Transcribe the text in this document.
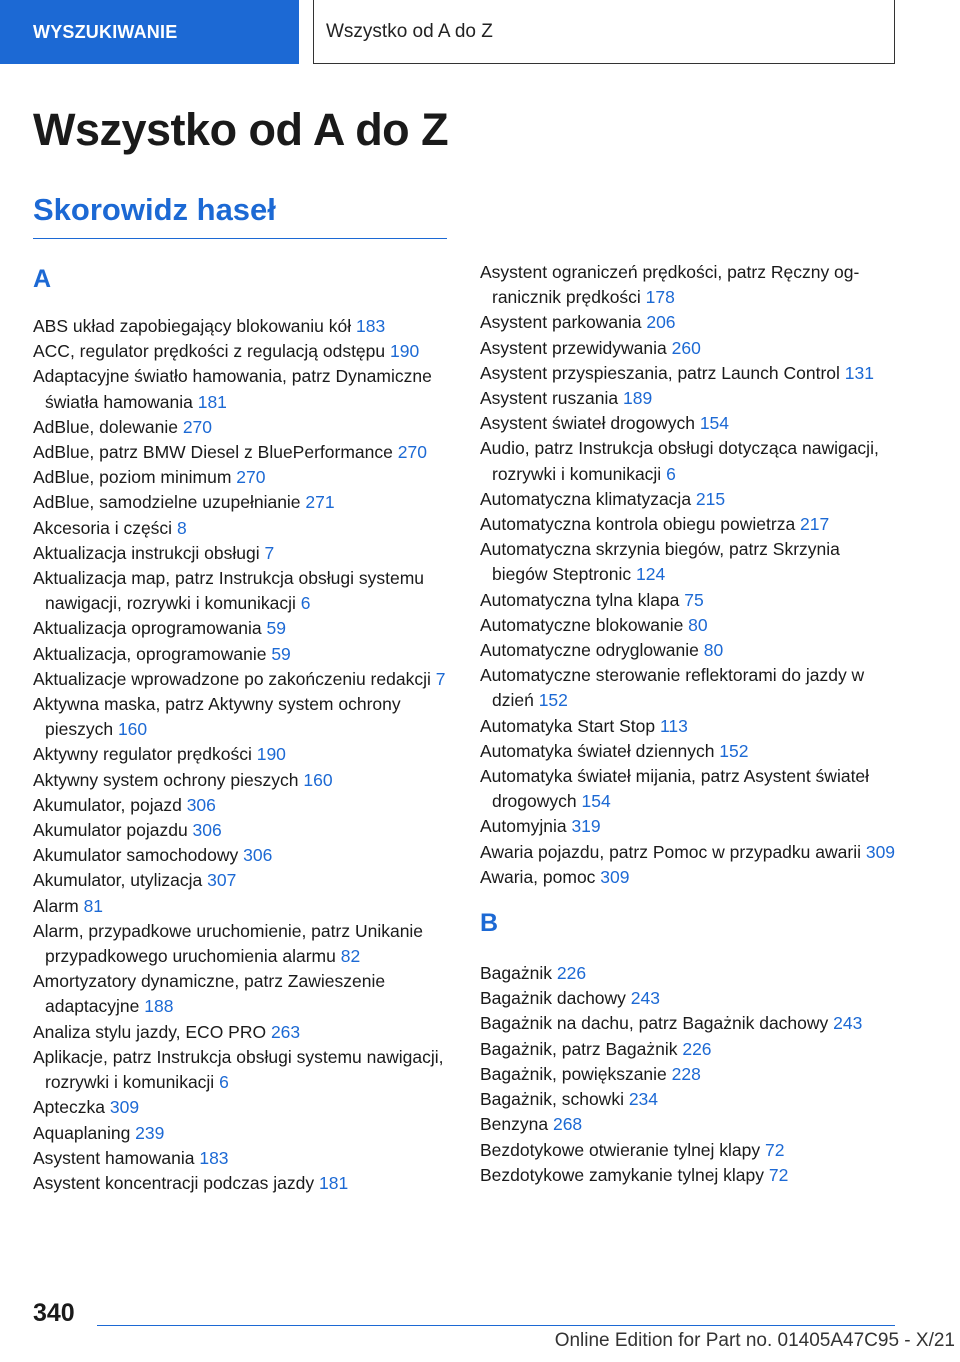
WYSZUKIWANIE	Wszystko od A do Z
Wszystko od A do Z
Skorowidz haseł
A
ABS układ zapobiegający blokowaniu kół 183
ACC, regulator prędkości z regulacją odstępu 190
Adaptacyjne światło hamowania, patrz Dynamiczne światła hamowania 181
AdBlue, dolewanie 270
AdBlue, patrz BMW Diesel z BluePerformance 270
AdBlue, poziom minimum 270
AdBlue, samodzielne uzupełnianie 271
Akcesoria i części 8
Aktualizacja instrukcji obsługi 7
Aktualizacja map, patrz Instrukcja obsługi systemu nawigacji, rozrywki i komunikacji 6
Aktualizacja oprogramowania 59
Aktualizacja, oprogramowanie 59
Aktualizacje wprowadzone po zakończeniu redakcji 7
Aktywna maska, patrz Aktywny system ochrony pieszych 160
Aktywny regulator prędkości 190
Aktywny system ochrony pieszych 160
Akumulator, pojazd 306
Akumulator pojazdu 306
Akumulator samochodowy 306
Akumulator, utylizacja 307
Alarm 81
Alarm, przypadkowe uruchomienie, patrz Unikanie przypadkowego uruchomienia alarmu 82
Amortyzatory dynamiczne, patrz Zawieszenie adaptacyjne 188
Analiza stylu jazdy, ECO PRO 263
Aplikacje, patrz Instrukcja obsługi systemu nawigacji, rozrywki i komunikacji 6
Apteczka 309
Aquaplaning 239
Asystent hamowania 183
Asystent koncentracji podczas jazdy 181
Asystent ograniczeń prędkości, patrz Ręczny ogranicznik prędkości 178
Asystent parkowania 206
Asystent przewidywania 260
Asystent przyspieszania, patrz Launch Control 131
Asystent ruszania 189
Asystent świateł drogowych 154
Audio, patrz Instrukcja obsługi dotycząca nawigacji, rozrywki i komunikacji 6
Automatyczna klimatyzacja 215
Automatyczna kontrola obiegu powietrza 217
Automatyczna skrzynia biegów, patrz Skrzynia biegów Steptronic 124
Automatyczna tylna klapa 75
Automatyczne blokowanie 80
Automatyczne odryglowanie 80
Automatyczne sterowanie reflektorami do jazdy w dzień 152
Automatyka Start Stop 113
Automatyka świateł dziennych 152
Automatyka świateł mijania, patrz Asystent świateł drogowych 154
Automyjnia 319
Awaria pojazdu, patrz Pomoc w przypadku awarii 309
Awaria, pomoc 309
B
Bagażnik 226
Bagażnik dachowy 243
Bagażnik na dachu, patrz Bagażnik dachowy 243
Bagażnik, patrz Bagażnik 226
Bagażnik, powiększanie 228
Bagażnik, schowki 234
Benzyna 268
Bezdotykowe otwieranie tylnej klapy 72
Bezdotykowe zamykanie tylnej klapy 72
340
Online Edition for Part no. 01405A47C95 - X/21
